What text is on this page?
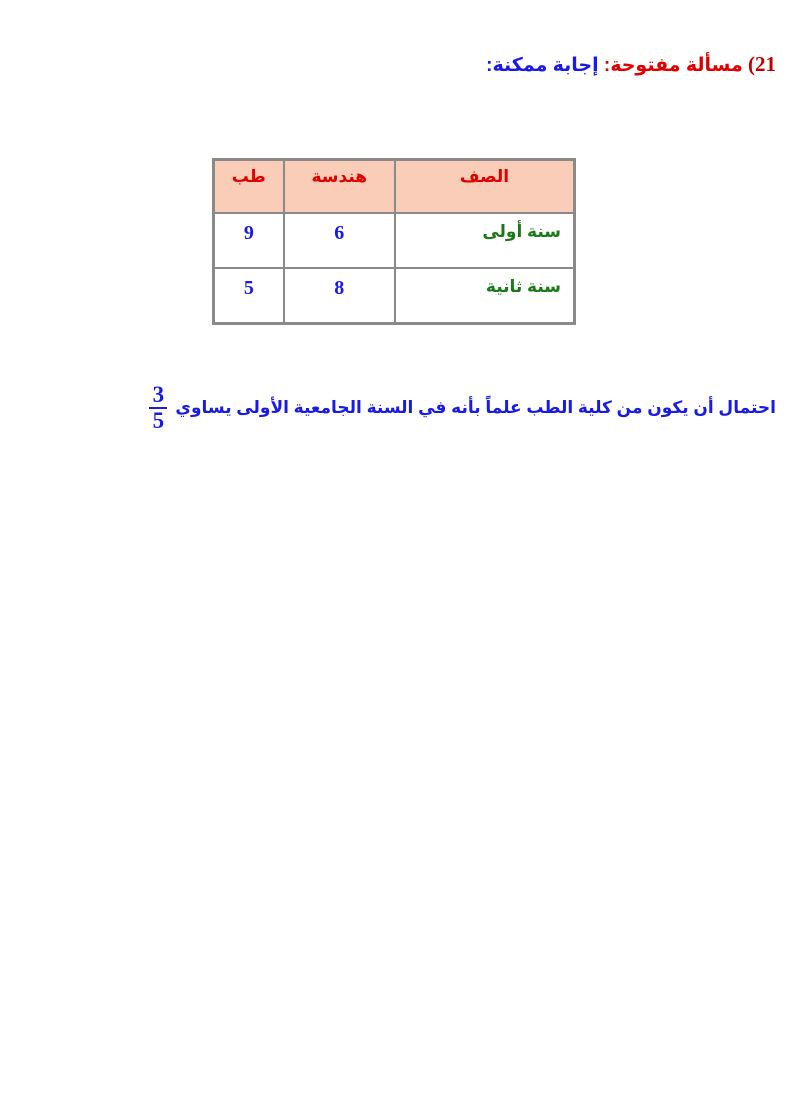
21) مسألة مفتوحة: إجابة ممكنة:
الصف	هندسة	طب
سنة أولى	6	9
سنة ثانية	8	5
احتمال أن يكون من كلية الطب علماً بأنه في السنة الجامعية الأولى يساوي
$\frac{3}{5}$
